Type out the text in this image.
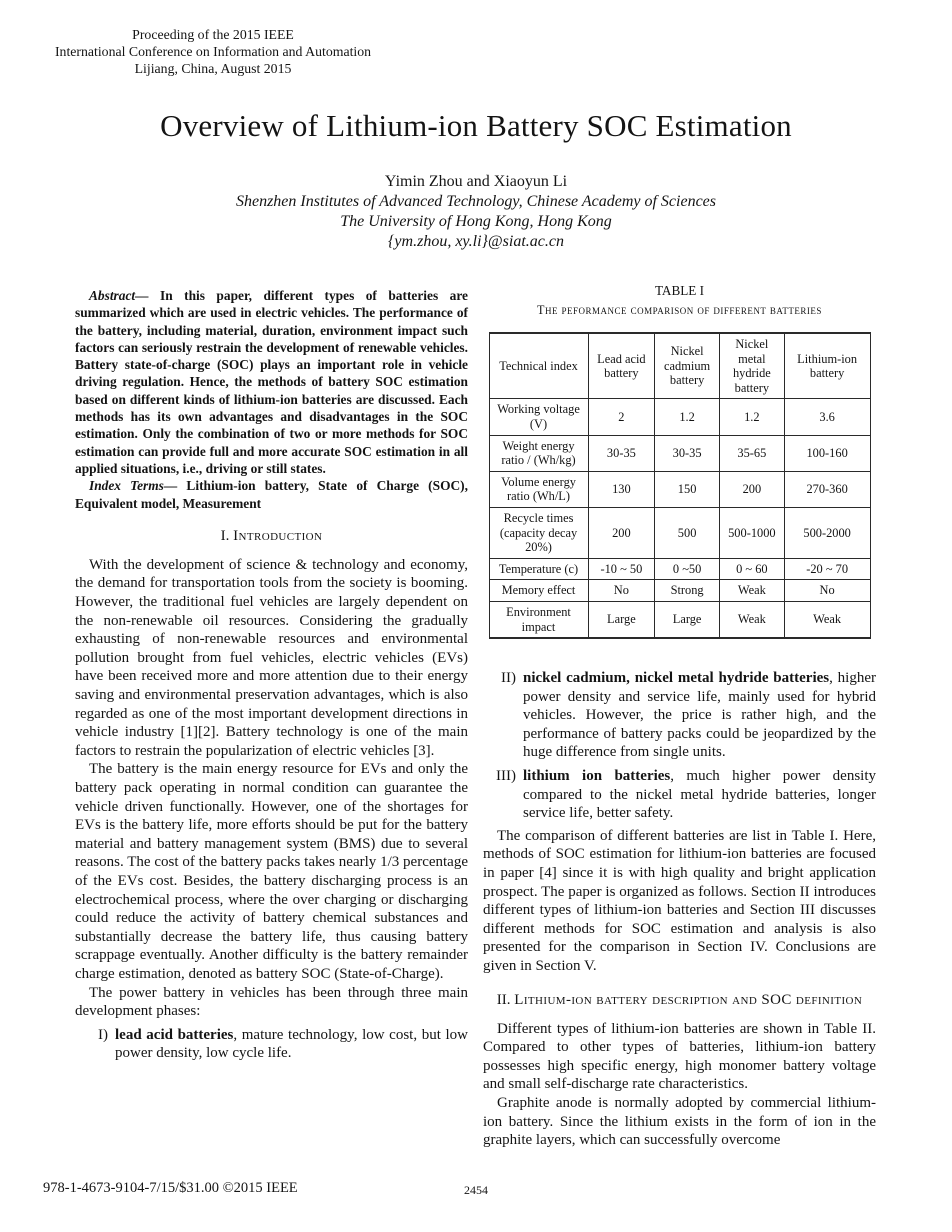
Proceeding of the 2015 IEEE
International Conference on Information and Automation
Lijiang, China, August 2015
Overview of Lithium-ion Battery SOC Estimation
Yimin Zhou and Xiaoyun Li
Shenzhen Institutes of Advanced Technology, Chinese Academy of Sciences
The University of Hong Kong, Hong Kong
{ym.zhou, xy.li}@siat.ac.cn

Abstract— In this paper, different types of batteries are summarized which are used in electric vehicles. The performance of the battery, including material, duration, environment impact such factors can seriously restrain the development of renewable vehicles. Battery state-of-charge (SOC) plays an important role in vehicle driving regulation. Hence, the methods of battery SOC estimation based on different kinds of lithium-ion batteries are discussed. Each methods has its own advantages and disadvantages in the SOC estimation. Only the combination of two or more methods for SOC estimation can provide full and more accurate SOC estimation in all applied situations, i.e., driving or still states.

Index Terms— Lithium-ion battery, State of Charge (SOC), Equivalent model, Measurement

I. Introduction

With the development of science & technology and economy, the demand for transportation tools from the society is booming. However, the traditional fuel vehicles are largely dependent on the non-renewable oil resources. Considering the gradually exhausting of non-renewable resources and environmental pollution brought from fuel vehicles, electric vehicles (EVs) have been received more and more attention due to their energy saving and environmental preservation advantages, which is also regarded as one of the most important development directions in vehicle industry [1][2]. Battery technology is one of the main factors to restrain the popularization of electric vehicles [3].

The battery is the main energy resource for EVs and only the battery pack operating in normal condition can guarantee the vehicle driven functionally. However, one of the shortages for EVs is the battery life, more efforts should be put for the battery material and battery management system (BMS) due to several reasons. The cost of the battery packs takes nearly 1/3 percentage of the EVs cost. Besides, the battery discharging process is an electrochemical process, where the over charging or discharging could reduce the activity of battery chemical substances and substantially decrease the battery life, thus causing battery scrappage eventually. Another difficulty is the battery remainder charge estimation, denoted as battery SOC (State-of-Charge).

The power battery in vehicles has been through three main development phases:

I) lead acid batteries, mature technology, low cost, but low power density, low cycle life.
TABLE I
The peformance comparison of different batteries
Technical index	Lead acid battery	Nickel cadmium battery	Nickel metal hydride battery	Lithium-ion battery
Working voltage (V)	2	1.2	1.2	3.6
Weight energy ratio / (Wh/kg)	30-35	30-35	35-65	100-160
Volume energy ratio (Wh/L)	130	150	200	270-360
Recycle times (capacity decay 20%)	200	500	500-1000	500-2000
Temperature (c)	-10 ~ 50	0 ~50	0 ~ 60	-20 ~ 70
Memory effect	No	Strong	Weak	No
Environment impact	Large	Large	Weak	Weak
II) nickel cadmium, nickel metal hydride batteries, higher power density and service life, mainly used for hybrid vehicles. However, the price is rather high, and the performance of battery packs could be jeopardized by the huge difference from single units.
III) lithium ion batteries, much higher power density compared to the nickel metal hydride batteries, longer service life, better safety.

The comparison of different batteries are list in Table I. Here, methods of SOC estimation for lithium-ion batteries are focused in paper [4] since it is with high quality and bright application prospect. The paper is organized as follows. Section II introduces different types of lithium-ion batteries and Section III discusses different methods for SOC estimation and analysis is also presented for the comparison in Section IV. Conclusions are given in Section V.

II. Lithium-ion battery description and SOC definition

Different types of lithium-ion batteries are shown in Table II. Compared to other types of batteries, lithium-ion battery possesses high specific energy, high monomer battery voltage and small self-discharge rate characteristics.

Graphite anode is normally adopted by commercial lithium-ion battery. Since the lithium exists in the form of ion in the graphite layers, which can successfully overcome

978-1-4673-9104-7/15/$31.00 ©2015 IEEE	2454
